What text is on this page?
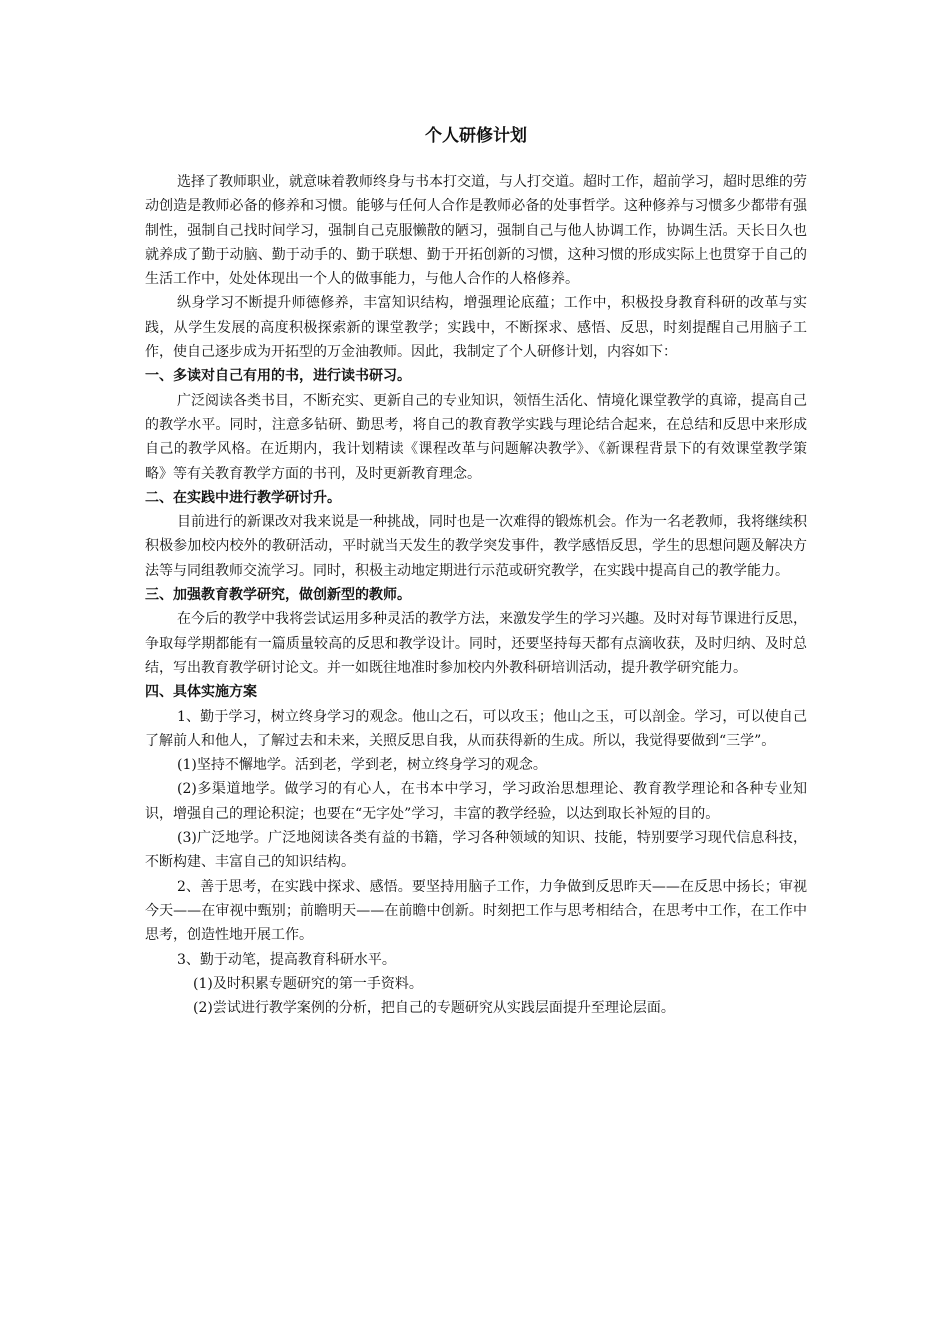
个人研修计划

选择了教师职业，就意味着教师终身与书本打交道，与人打交道。超时工作，超前学习，超时思维的劳动创造是教师必备的修养和习惯。能够与任何人合作是教师必备的处事哲学。这种修养与习惯多少都带有强制性，强制自己找时间学习，强制自己克服懒散的陋习，强制自己与他人协调工作，协调生活。天长日久也就养成了勤于动脑、勤于动手的、勤于联想、勤于开拓创新的习惯，这种习惯的形成实际上也贯穿于自己的生活工作中，处处体现出一个人的做事能力，与他人合作的人格修养。

纵身学习不断提升师德修养，丰富知识结构，增强理论底蕴；工作中，积极投身教育科研的改革与实践，从学生发展的高度积极探索新的课堂教学；实践中，不断探求、感悟、反思，时刻提醒自己用脑子工作，使自己逐步成为开拓型的万金油教师。因此，我制定了个人研修计划，内容如下：

一、多读对自己有用的书，进行读书研习。

广泛阅读各类书目，不断充实、更新自己的专业知识，领悟生活化、情境化课堂教学的真谛，提高自己的教学水平。同时，注意多钻研、勤思考，将自己的教育教学实践与理论结合起来，在总结和反思中来形成自己的教学风格。在近期内，我计划精读《课程改革与问题解决教学》、《新课程背景下的有效课堂教学策略》等有关教育教学方面的书刊，及时更新教育理念。

二、在实践中进行教学研讨升。

目前进行的新课改对我来说是一种挑战，同时也是一次难得的锻炼机会。作为一名老教师，我将继续积积极参加校内校外的教研活动，平时就当天发生的教学突发事件，教学感悟反思，学生的思想问题及解决方法等与同组教师交流学习。同时，积极主动地定期进行示范或研究教学，在实践中提高自己的教学能力。

三、加强教育教学研究，做创新型的教师。

在今后的教学中我将尝试运用多种灵活的教学方法，来激发学生的学习兴趣。及时对每节课进行反思，争取每学期都能有一篇质量较高的反思和教学设计。同时，还要坚持每天都有点滴收获，及时归纳、及时总结，写出教育教学研讨论文。并一如既往地准时参加校内外教科研培训活动，提升教学研究能力。

四、具体实施方案

1、勤于学习，树立终身学习的观念。他山之石，可以攻玉；他山之玉，可以剖金。学习，可以使自己了解前人和他人，了解过去和未来，关照反思自我，从而获得新的生成。所以，我觉得要做到“三学”。

(1)坚持不懈地学。活到老，学到老，树立终身学习的观念。

(2)多渠道地学。做学习的有心人，在书本中学习，学习政治思想理论、教育教学理论和各种专业知识，增强自己的理论积淀；也要在“无字处”学习，丰富的教学经验，以达到取长补短的目的。

(3)广泛地学。广泛地阅读各类有益的书籍，学习各种领域的知识、技能，特别要学习现代信息科技，不断构建、丰富自己的知识结构。

2、善于思考，在实践中探求、感悟。要坚持用脑子工作，力争做到反思昨天——在反思中扬长；审视今天——在审视中甄别；前瞻明天——在前瞻中创新。时刻把工作与思考相结合，在思考中工作，在工作中思考，创造性地开展工作。

3、勤于动笔，提高教育科研水平。

(1)及时积累专题研究的第一手资料。

(2)尝试进行教学案例的分析，把自己的专题研究从实践层面提升至理论层面。
